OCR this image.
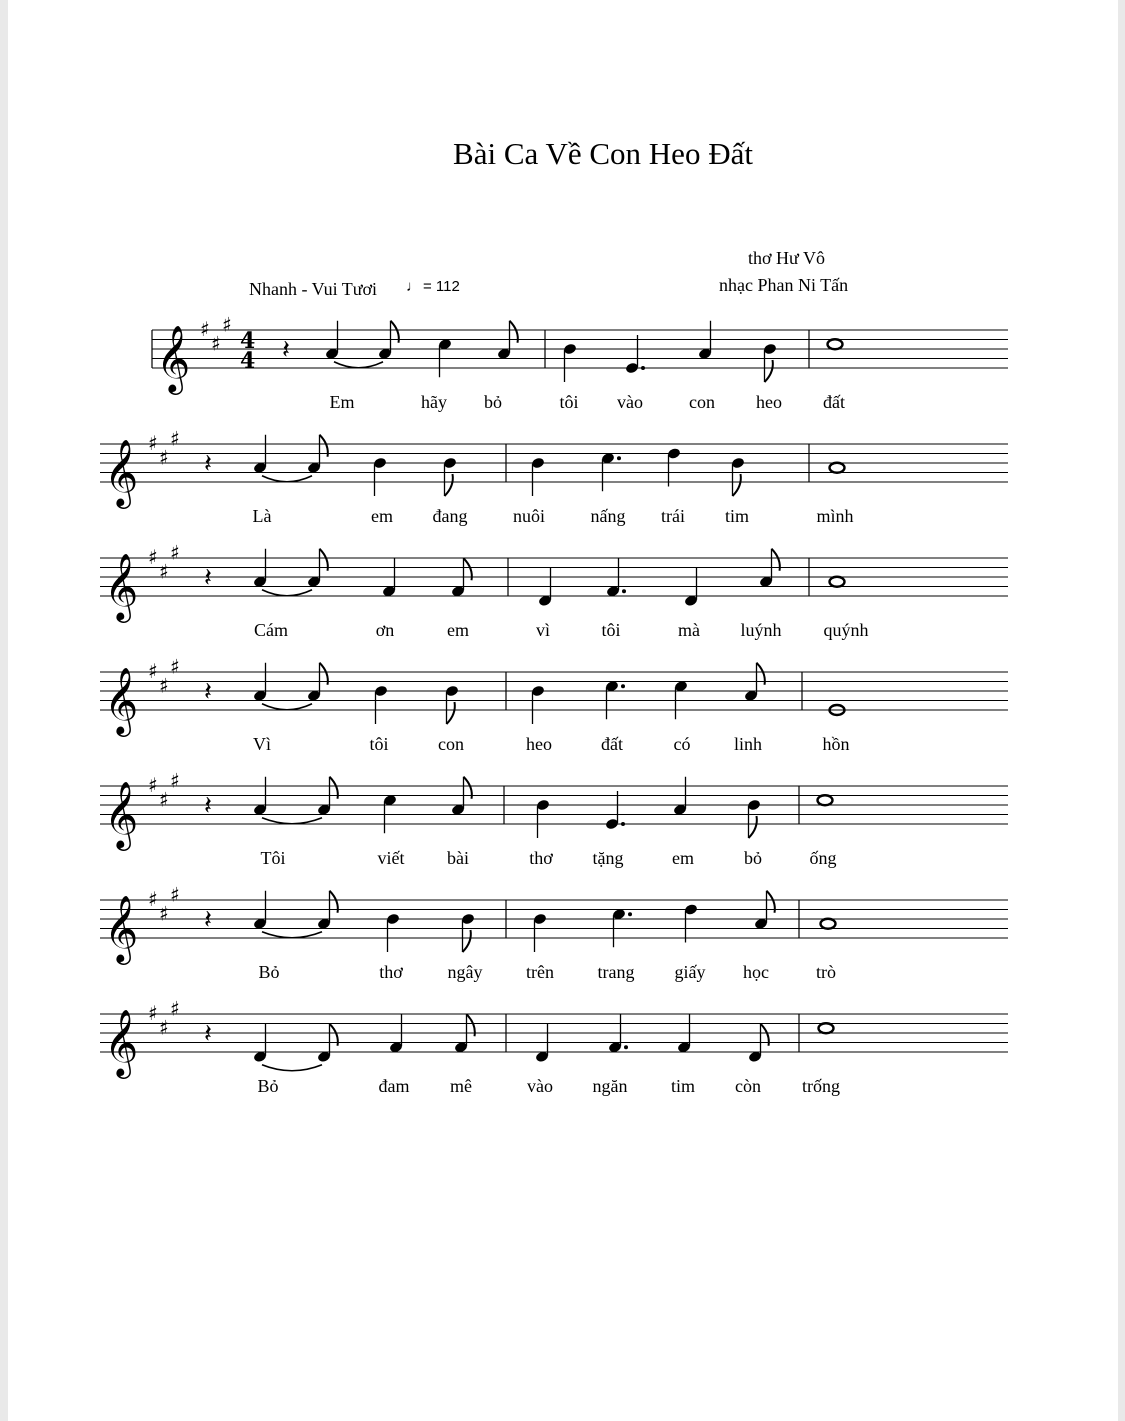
Bài Ca Về Con Heo Đất
thơ Hư Vô
nhạc Phan Ni Tấn
Nhanh - Vui Tươi ♩ = 112
𝄞 ♯
♯
♯
4
4 𝄽
Em	hãy bỏ	tôi vào	con heo đất
𝄞 ♯
♯
♯
𝄽
Là	em đang	nuôi	nấng trái tim	mình
𝄞 ♯
♯
♯
𝄽
Cám	ơn	em	vì	tôi	mà luýnh quýnh
𝄞 ♯
♯
♯
𝄽
Vì	tôi	con	heo	đất	có linh	hồn
𝄞 ♯
♯
♯
𝄽
Tôi	viết bài	thơ tặng	em	bỏ	ống
𝄞 ♯
♯
♯
𝄽
Bỏ	thơ ngây trên trang giấy học	trò
𝄞 ♯
♯
♯
𝄽
Bỏ	đam mê	vào ngăn tim còn trống
